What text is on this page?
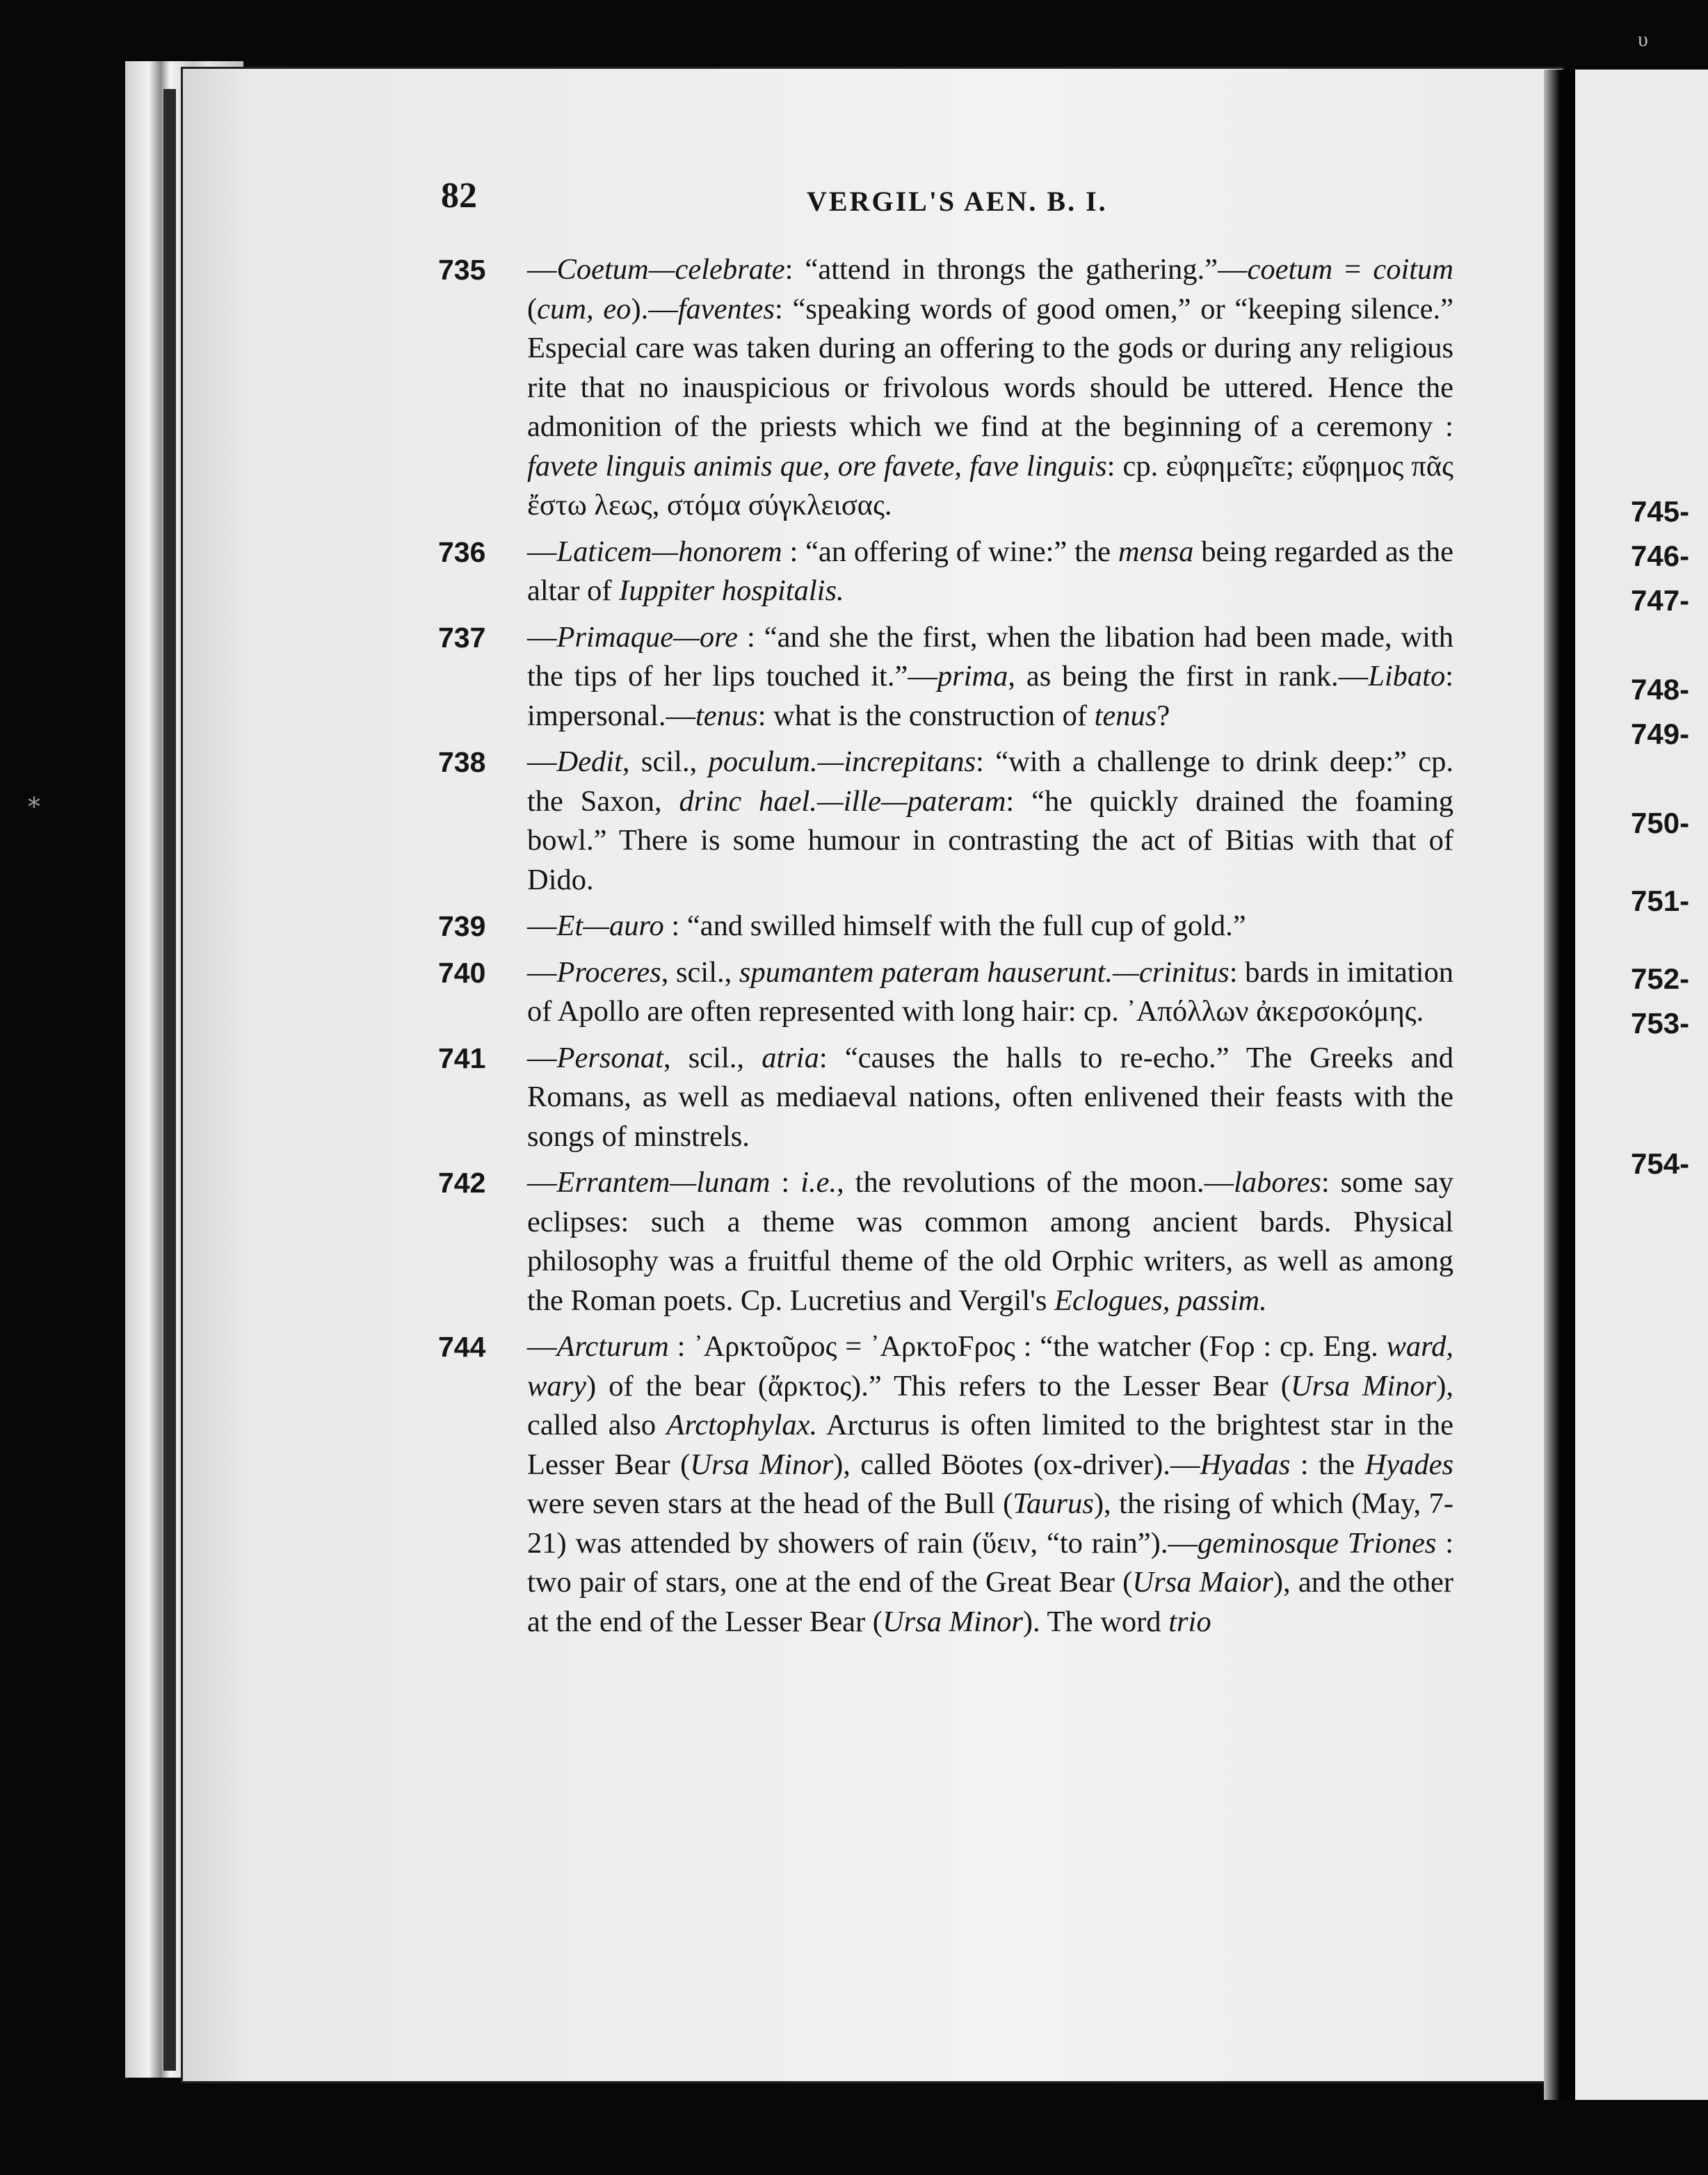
υ
⁎
82	VERGIL'S AEN. B. I.
735 —Coetum—celebrate: “attend in throngs the gathering.”—coetum = coitum (cum, eo).—faventes: “speaking words of good omen,” or “keeping silence.” Especial care was taken during an offering to the gods or during any religious rite that no inauspicious or frivolous words should be uttered. Hence the admonition of the priests which we find at the beginning of a ceremony : favete linguis animis que, ore favete, fave linguis: cp. εὐφημεῖτε; εὔφημος πᾶς ἔστω λεως, στόμα σύγκλεισας.
736 —Laticem—honorem : “an offering of wine:” the mensa being regarded as the altar of Iuppiter hospitalis.
737 —Primaque—ore : “and she the first, when the libation had been made, with the tips of her lips touched it.”—prima, as being the first in rank.—Libato: impersonal.—tenus: what is the construction of tenus?
738 —Dedit, scil., poculum.—increpitans: “with a challenge to drink deep:” cp. the Saxon, drinc hael.—ille—pateram: “he quickly drained the foaming bowl.” There is some humour in contrasting the act of Bitias with that of Dido.
739 —Et—auro : “and swilled himself with the full cup of gold.”
740 —Proceres, scil., spumantem pateram hauserunt.—crinitus: bards in imitation of Apollo are often represented with long hair: cp. ᾿Απόλλων ἀκερσοκόμης.
741 —Personat, scil., atria: “causes the halls to re-echo.” The Greeks and Romans, as well as mediaeval nations, often enlivened their feasts with the songs of minstrels.
742 —Errantem—lunam : i.e., the revolutions of the moon.—labores: some say eclipses: such a theme was common among ancient bards. Physical philosophy was a fruitful theme of the old Orphic writers, as well as among the Roman poets. Cp. Lucretius and Vergil's Eclogues, passim.
744 —Arcturum : ᾿Αρκτοῦρος = ᾿ΑρκτοϜρος : “the watcher (Ϝορ : cp. Eng. ward, wary) of the bear (ἄρκτος).” This refers to the Lesser Bear (Ursa Minor), called also Arctophylax. Arcturus is often limited to the brightest star in the Lesser Bear (Ursa Minor), called Böotes (ox-driver).—Hyadas : the Hyades were seven stars at the head of the Bull (Taurus), the rising of which (May, 7-21) was attended by showers of rain (ὕειν, “to rain”).—geminosque Triones : two pair of stars, one at the end of the Great Bear (Ursa Maior), and the other at the end of the Lesser Bear (Ursa Minor). The word trio
745-
746-
747-
748-
749-
750-
751-
752-
753-
754-
